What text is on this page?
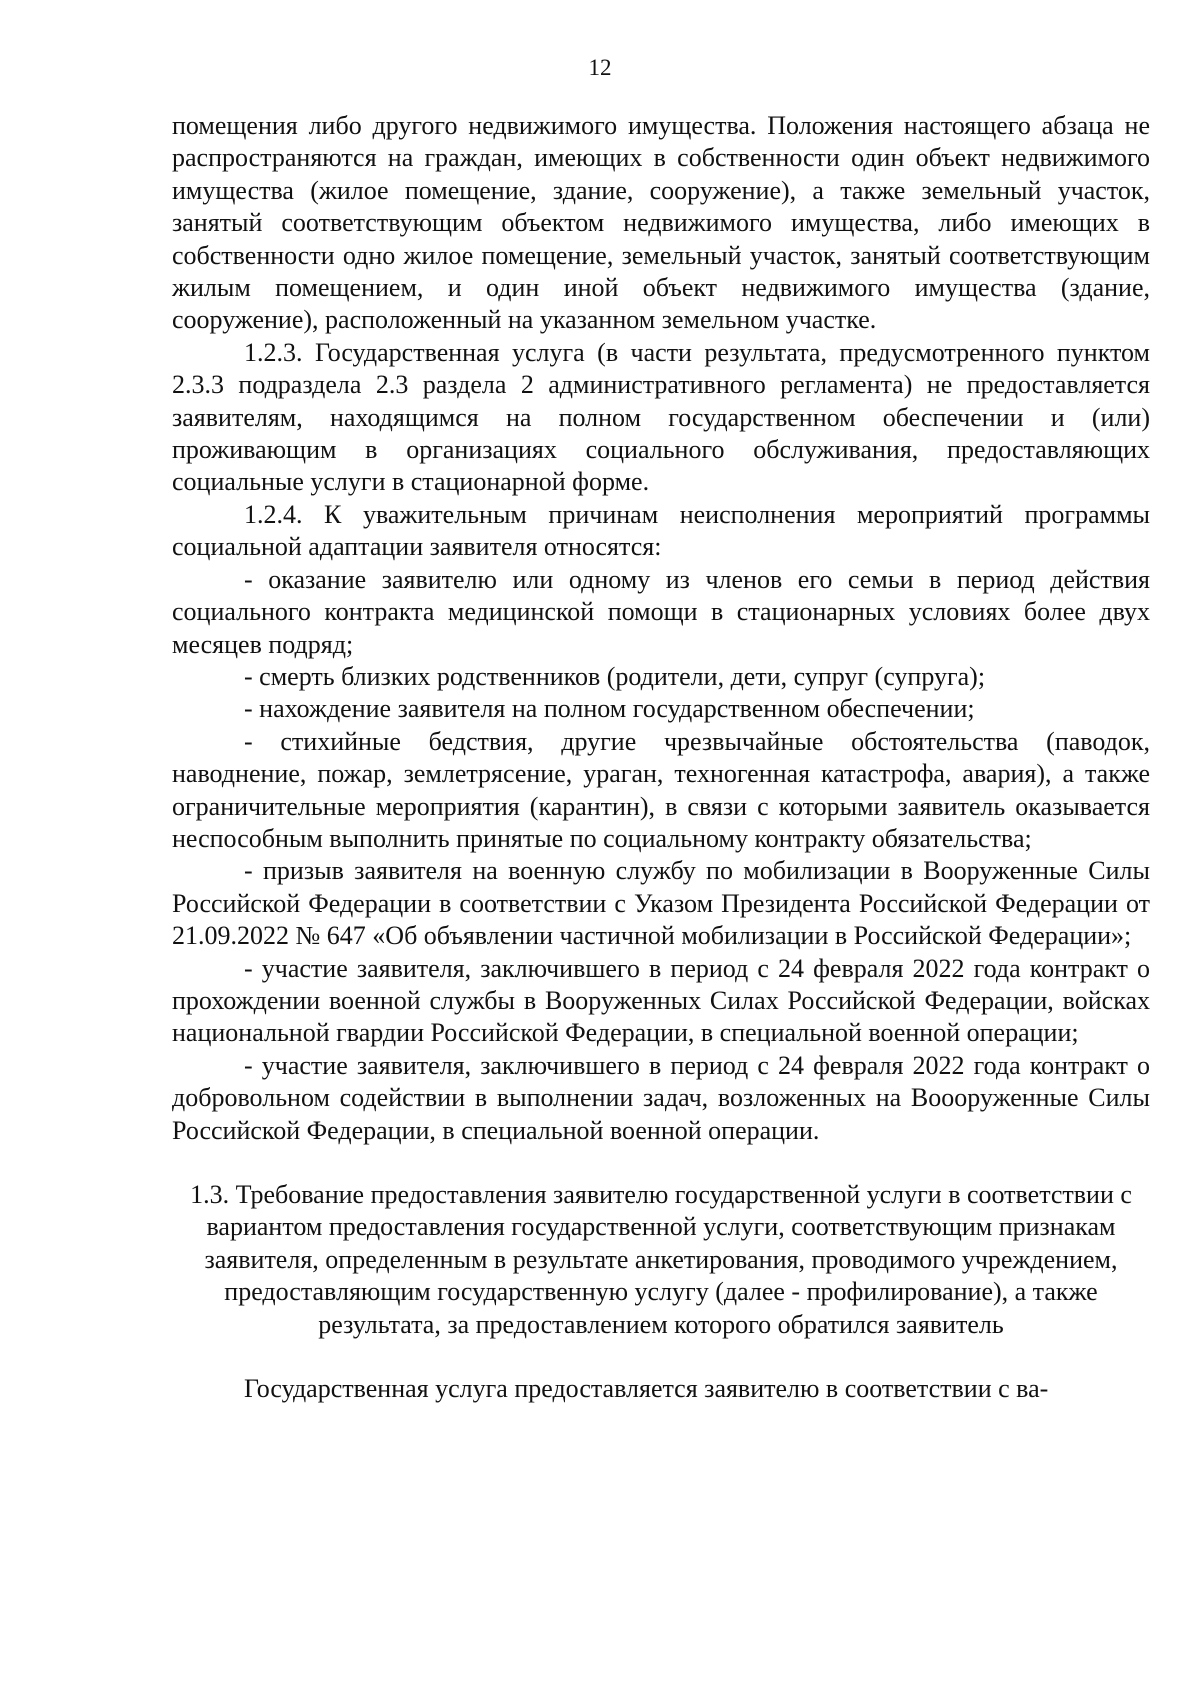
12

помещения либо другого недвижимого имущества. Положения настоящего абзаца не распространяются на граждан, имеющих в собственности один объект недвижимого имущества (жилое помещение, здание, сооружение), а также земельный участок, занятый соответствующим объектом недвижимого имущества, либо имеющих в собственности одно жилое помещение, земельный участок, занятый соответствующим жилым помещением, и один иной объект недвижимого имущества (здание, сооружение), расположенный на указанном земельном участке.

1.2.3. Государственная услуга (в части результата, предусмотренного пунктом 2.3.3 подраздела 2.3 раздела 2 административного регламента) не предоставляется заявителям, находящимся на полном государственном обеспечении и (или) проживающим в организациях социального обслуживания, предоставляющих социальные услуги в стационарной форме.

1.2.4. К уважительным причинам неисполнения мероприятий программы социальной адаптации заявителя относятся:

- оказание заявителю или одному из членов его семьи в период действия социального контракта медицинской помощи в стационарных условиях более двух месяцев подряд;

- смерть близких родственников (родители, дети, супруг (супруга);

- нахождение заявителя на полном государственном обеспечении;

- стихийные бедствия, другие чрезвычайные обстоятельства (паводок, наводнение, пожар, землетрясение, ураган, техногенная катастрофа, авария), а также ограничительные мероприятия (карантин), в связи с которыми заявитель оказывается неспособным выполнить принятые по социальному контракту обязательства;

- призыв заявителя на военную службу по мобилизации в Вооруженные Силы Российской Федерации в соответствии с Указом Президента Российской Федерации от 21.09.2022 № 647 «Об объявлении частичной мобилизации в Российской Федерации»;

- участие заявителя, заключившего в период с 24 февраля 2022 года контракт о прохождении военной службы в Вооруженных Силах Российской Федерации, войсках национальной гвардии Российской Федерации, в специальной военной операции;

- участие заявителя, заключившего в период с 24 февраля 2022 года контракт о добровольном содействии в выполнении задач, возложенных на Воооруженные Силы Российской Федерации, в специальной военной операции.

1.3. Требование предоставления заявителю государственной услуги в соответствии с вариантом предоставления государственной услуги, соответствующим признакам заявителя, определенным в результате анкетирования, проводимого учреждением, предоставляющим государственную услугу (далее - профилирование), а также результата, за предоставлением которого обратился заявитель

Государственная услуга предоставляется заявителю в соответствии с ва-
